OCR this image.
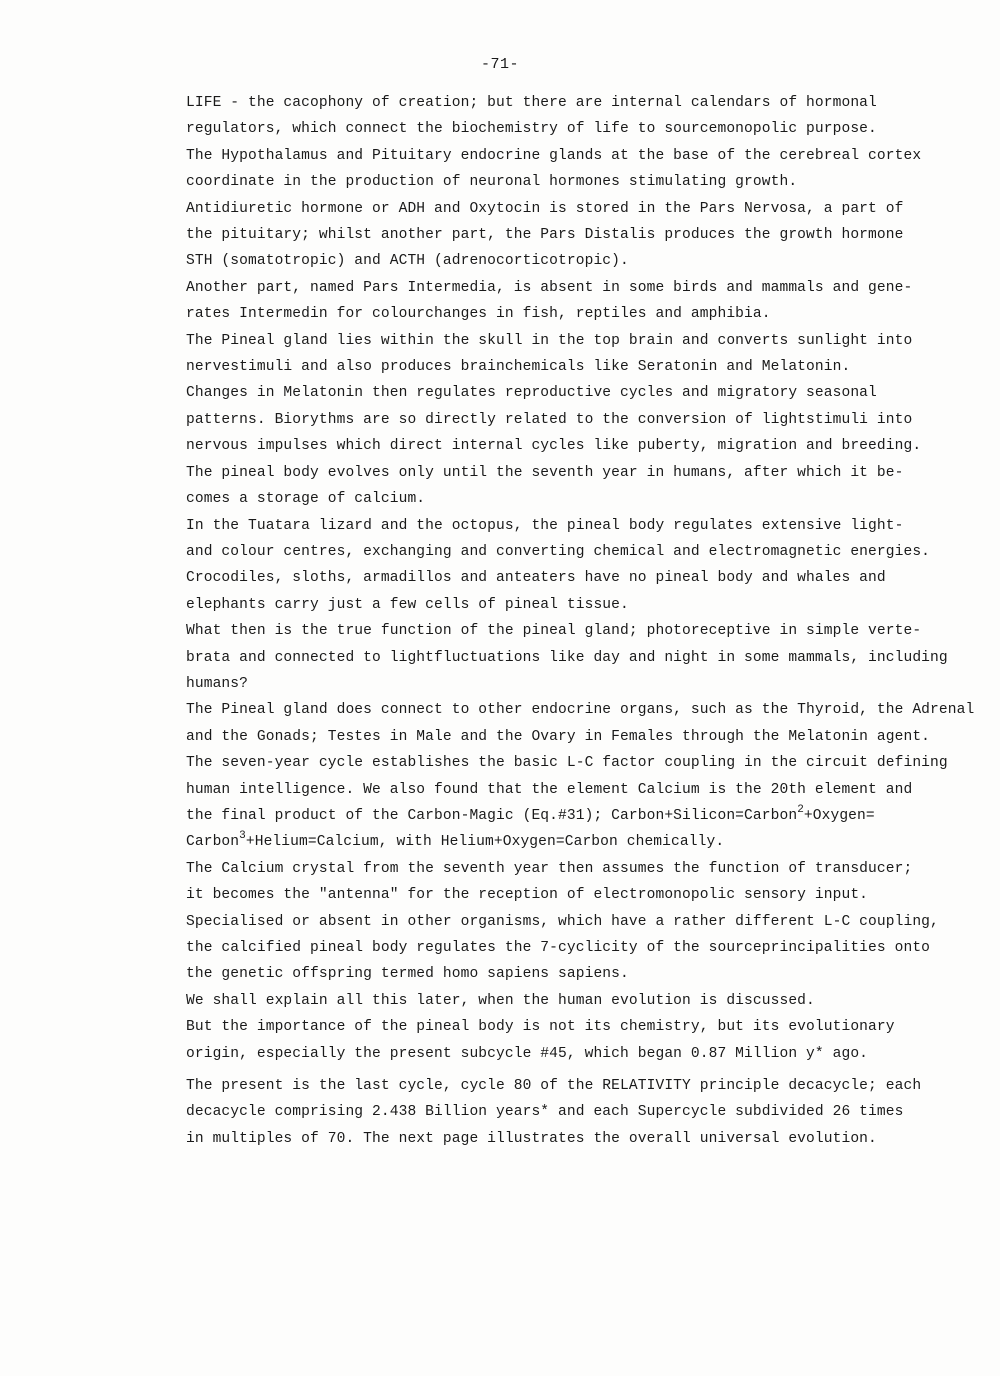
-71-
LIFE - the cacophony of creation; but there are internal calendars of hormonal
regulators, which connect the biochemistry of life to sourcemonopolic purpose.
The Hypothalamus and Pituitary endocrine glands at the base of the cerebreal cortex
coordinate in the production of neuronal hormones stimulating growth.
Antidiuretic hormone or ADH and Oxytocin is stored in the Pars Nervosa, a part of
the pituitary; whilst another part, the Pars Distalis produces the growth hormone
STH (somatotropic) and ACTH (adrenocorticotropic).
Another part, named Pars Intermedia, is absent in some birds and mammals and gene-
rates Intermedin for colourchanges in fish, reptiles and amphibia.
The Pineal gland lies within the skull in the top brain and converts sunlight into
nervestimuli and also produces brainchemicals like Seratonin and Melatonin.
Changes in Melatonin then regulates reproductive cycles and migratory seasonal
patterns. Biorythms are so directly related to the conversion of lightstimuli into
nervous impulses which direct internal cycles like puberty, migration and breeding.
The pineal body evolves only until the seventh year in humans, after which it be-
comes a storage of calcium.
In the Tuatara lizard and the octopus, the pineal body regulates extensive light-
and colour centres, exchanging and converting chemical and electromagnetic energies.
Crocodiles, sloths, armadillos and anteaters have no pineal body and whales and
elephants carry just a few cells of pineal tissue.
What then is the true function of the pineal gland; photoreceptive in simple verte-
brata and connected to lightfluctuations like day and night in some mammals, including
humans?
The Pineal gland does connect to other endocrine organs, such as the Thyroid, the Adrenal
and the Gonads; Testes in Male and the Ovary in Females through the Melatonin agent.
The seven-year cycle establishes the basic L-C factor coupling in the circuit defining
human intelligence. We also found that the element Calcium is the 20th element and
the final product of the Carbon-Magic (Eq.#31); Carbon+Silicon=Carbon$^2$+Oxygen=
Carbon$^3$+Helium=Calcium, with Helium+Oxygen=Carbon chemically.
The Calcium crystal from the seventh year then assumes the function of transducer;
it becomes the "antenna" for the reception of electromonopolic sensory input.
Specialised or absent in other organisms, which have a rather different L-C coupling,
the calcified pineal body regulates the 7-cyclicity of the sourceprincipalities onto
the genetic offspring termed homo sapiens sapiens.
We shall explain all this later, when the human evolution is discussed.
But the importance of the pineal body is not its chemistry, but its evolutionary
origin, especially the present subcycle #45, which began 0.87 Million y* ago.
The present is the last cycle, cycle 80 of the RELATIVITY principle decacycle; each
decacycle comprising 2.438 Billion years* and each Supercycle subdivided 26 times
in multiples of 70. The next page illustrates the overall universal evolution.
